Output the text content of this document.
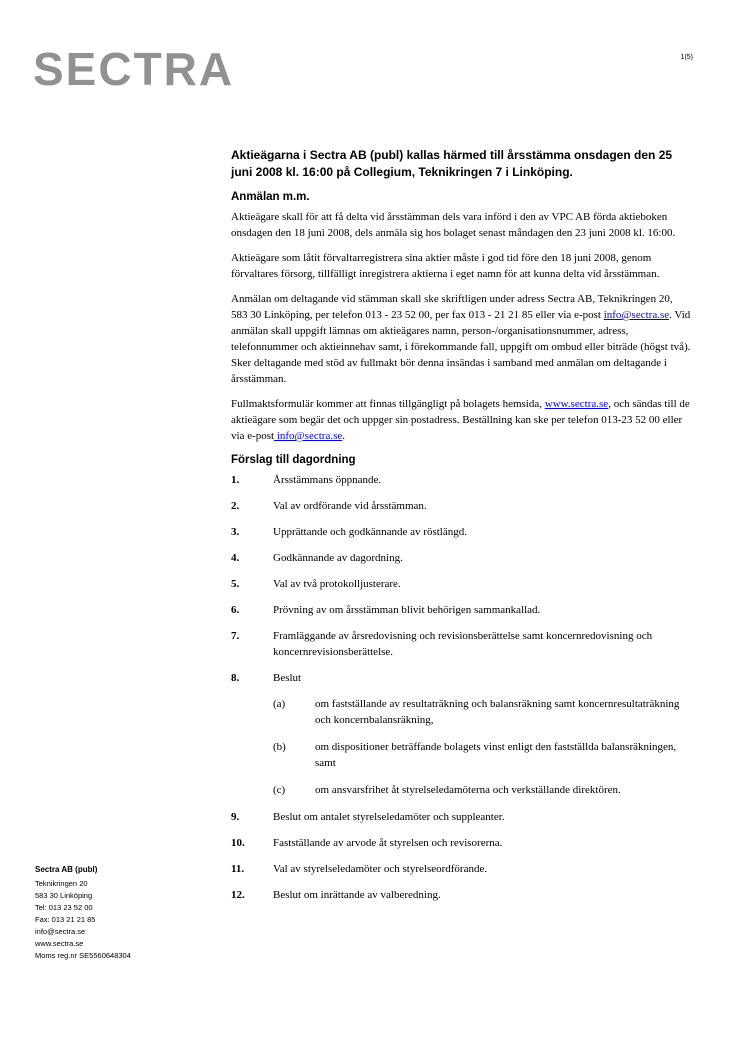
SECTRA	1(5)
Aktieägarna i Sectra AB (publ) kallas härmed till årsstämma onsdagen den 25 juni 2008 kl. 16:00 på Collegium, Teknikringen 7 i Linköping.
Anmälan m.m.

Aktieägare skall för att få delta vid årsstämman dels vara införd i den av VPC AB förda aktieboken onsdagen den 18 juni 2008, dels anmäla sig hos bolaget senast måndagen den 23 juni 2008 kl. 16:00.

Aktieägare som låtit förvaltarregistrera sina aktier måste i god tid före den 18 juni 2008, genom förvaltares försorg, tillfälligt inregistrera aktierna i eget namn för att kunna delta vid årsstämman.

Anmälan om deltagande vid stämman skall ske skriftligen under adress Sectra AB, Teknikringen 20, 583 30 Linköping, per telefon 013 - 23 52 00, per fax 013 - 21 21 85 eller via e-post info@sectra.se. Vid anmälan skall uppgift lämnas om aktieägares namn, person-/organisationsnummer, adress, telefonnummer och aktieinnehav samt, i förekommande fall, uppgift om ombud eller biträde (högst två). Sker deltagande med stöd av fullmakt bör denna insändas i samband med anmälan om deltagande i årsstämman.

Fullmaktsformulär kommer att finnas tillgängligt på bolagets hemsida, www.sectra.se, och sändas till de aktieägare som begär det och uppger sin postadress. Beställning kan ske per telefon 013-23 52 00 eller via e-post info@sectra.se.

Förslag till dagordning
1.	Årsstämmans öppnande.
2.	Val av ordförande vid årsstämman.
3.	Upprättande och godkännande av röstlängd.
4.	Godkännande av dagordning.
5.	Val av två protokolljusterare.
6.	Prövning av om årsstämman blivit behörigen sammankallad.
7.	Framläggande av årsredovisning och revisionsberättelse samt koncernredovisning och koncernrevisionsberättelse.
8.	Beslut
(a)	om fastställande av resultaträkning och balansräkning samt koncernresultaträkning och koncernbalansräkning,
(b)	om dispositioner beträffande bolagets vinst enligt den fastställda balansräkningen, samt
(c)	om ansvarsfrihet åt styrelseledamöterna och verkställande direktören.
9.	Beslut om antalet styrelseledamöter och suppleanter.
10.	Fastställande av arvode åt styrelsen och revisorerna.
11.	Val av styrelseledamöter och styrelseordförande.
12.	Beslut om inrättande av valberedning.
Sectra AB (publ)
Teknikringen 20
583 30 Linköping
Tel: 013 23 52 00
Fax: 013 21 21 85
info@sectra.se
www.sectra.se
Moms reg.nr SE5560648304
